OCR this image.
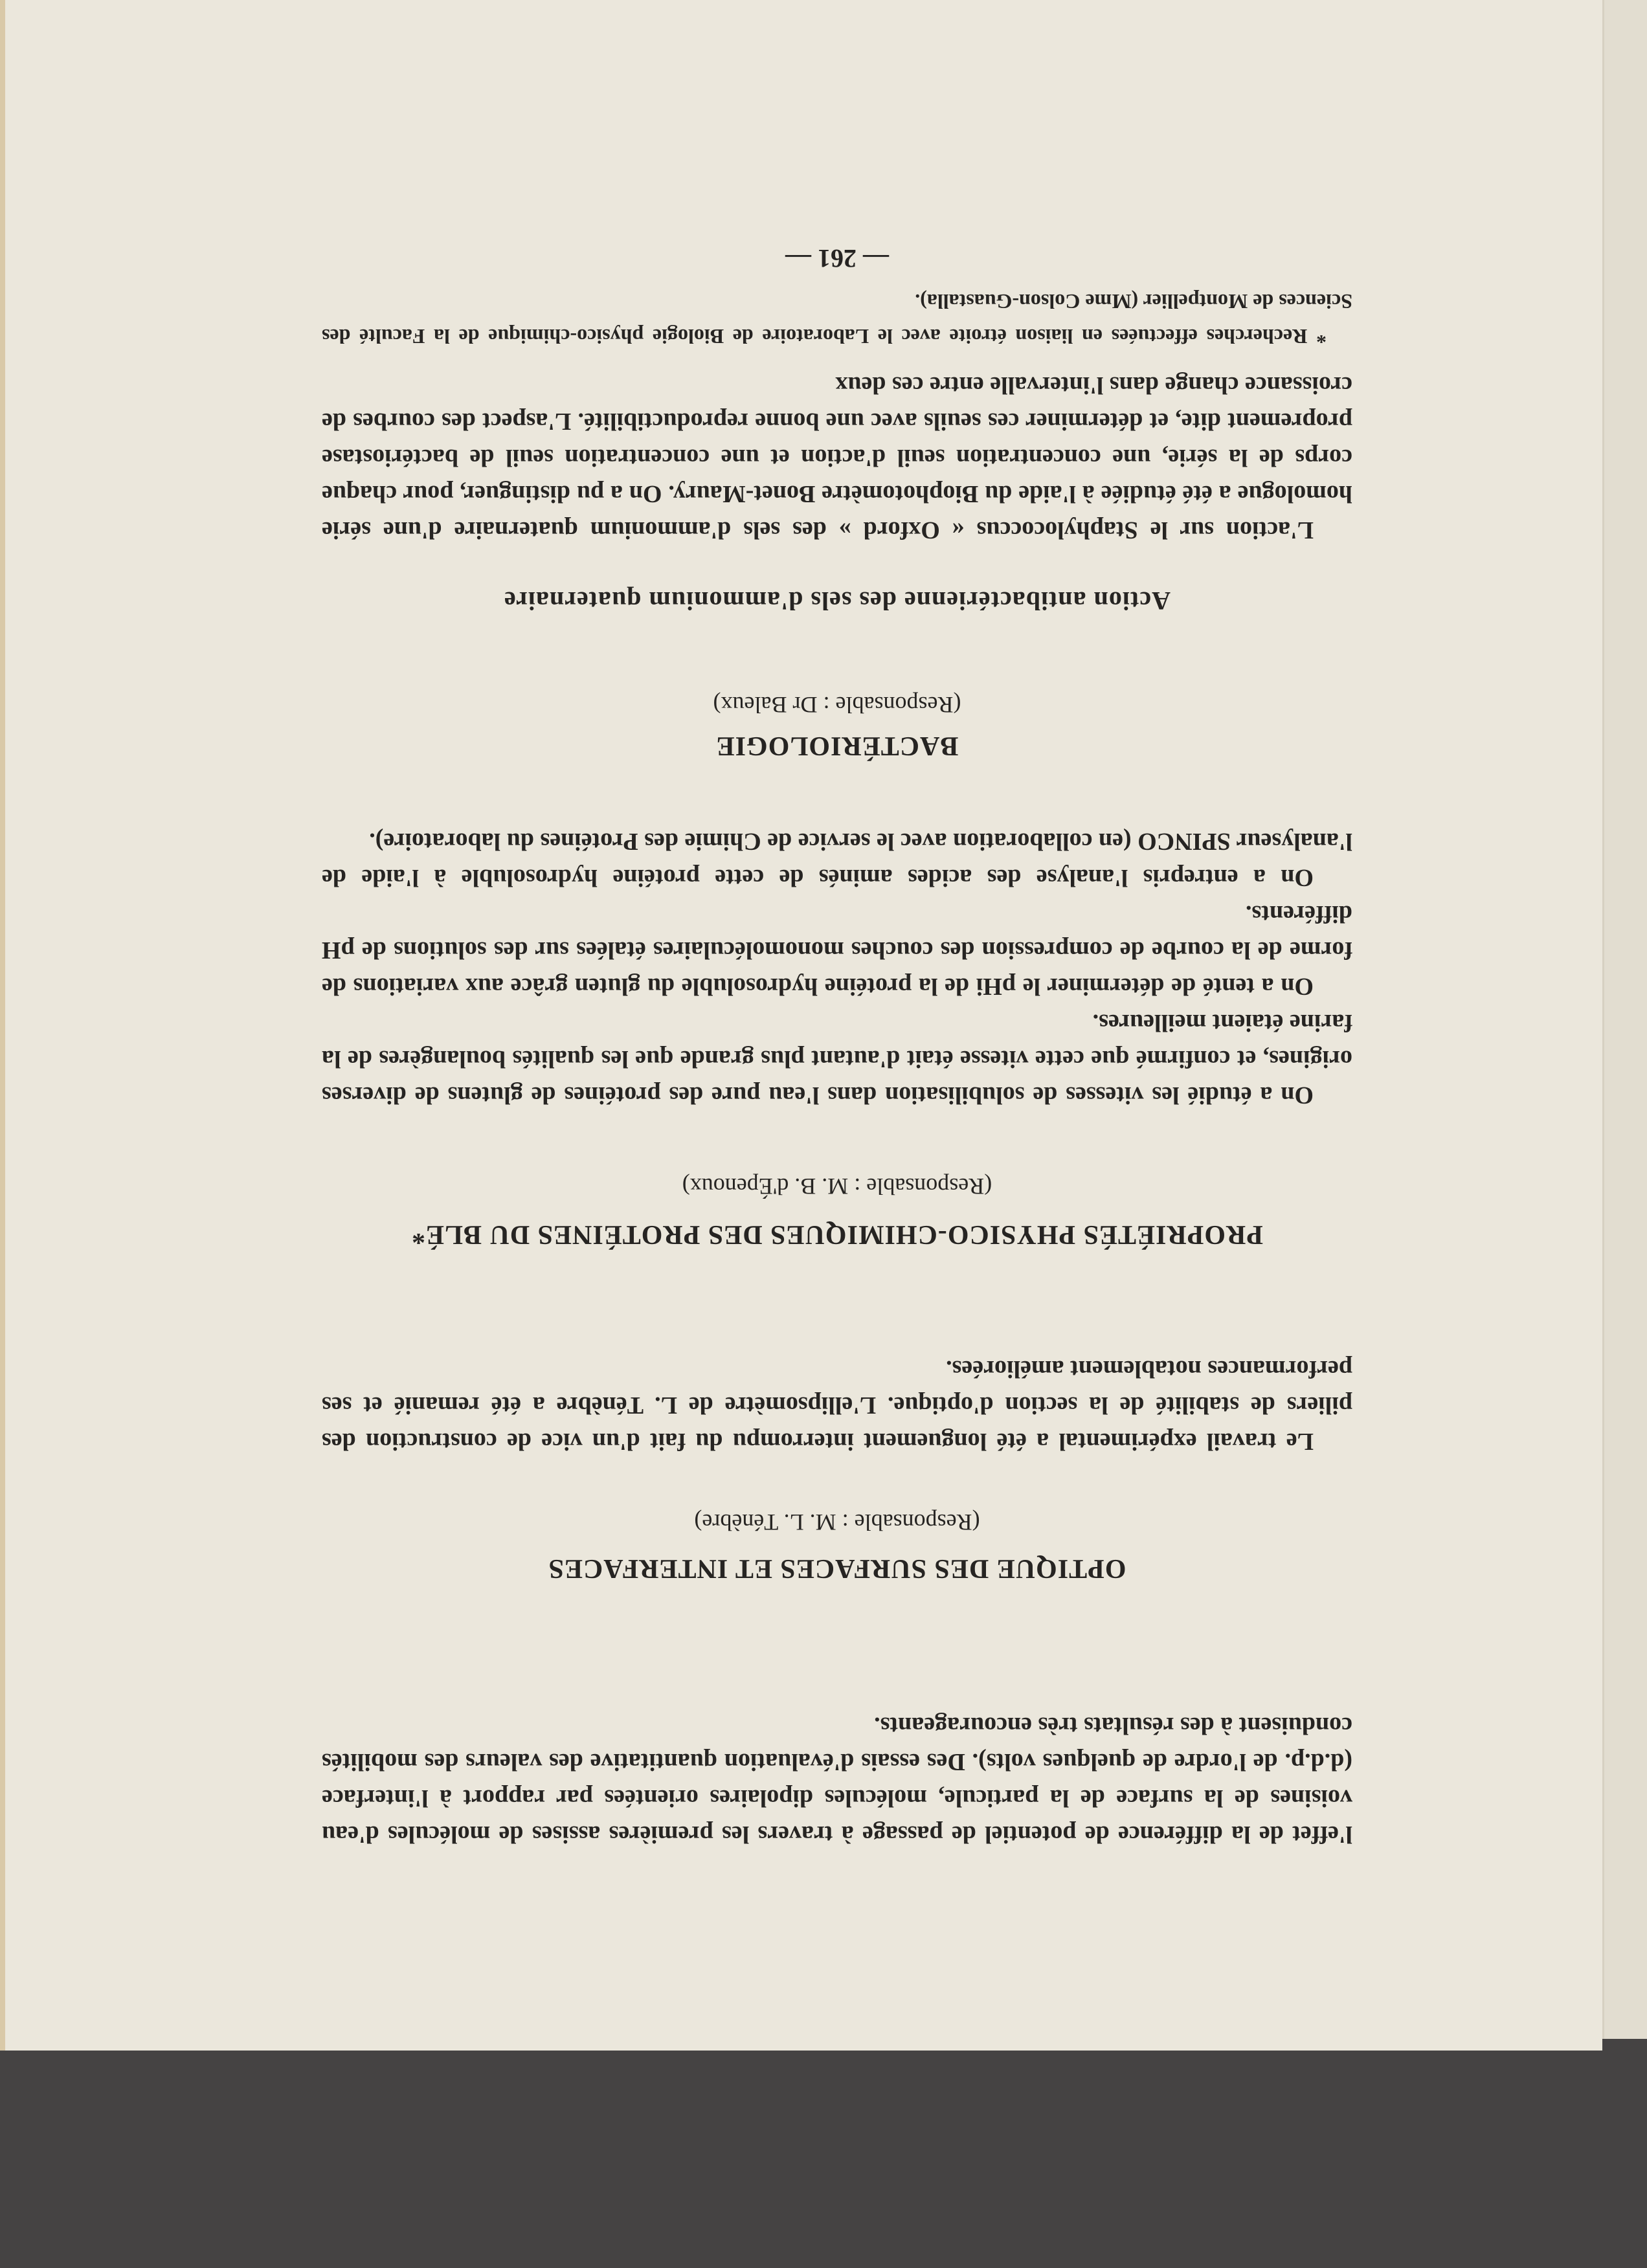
l'effet de la différence de potentiel de passage à travers les premières assises de molécules d'eau voisines de la surface de la particule, molécules dipolaires orientées par rapport à l'interface (d.d.p. de l'ordre de quelques volts). Des essais d'évaluation quantitative des valeurs des mobilités conduisent à des résultats très encourageants.
OPTIQUE DES SURFACES ET INTERFACES
(Responsable : M. L. Ténèbre)
Le travail expérimental a été longuement interrompu du fait d'un vice de construction des piliers de stabilité de la section d'optique. L'ellipsomètre de L. Ténèbre a été remanié et ses performances notablement améliorées.
PROPRIÉTÉS PHYSICO-CHIMIQUES DES PROTÉINES DU BLÉ*
(Responsable : M. B. d'Épenoux)
On a étudié les vitesses de solubilisation dans l'eau pure des protéines de glutens de diverses origines, et confirmé que cette vitesse était d'autant plus grande que les qualités boulangères de la farine étaient meilleures.
On a tenté de déterminer le pHi de la protéine hydrosoluble du gluten grâce aux variations de forme de la courbe de compression des couches monomoléculaires étalées sur des solutions de pH différents.
On a entrepris l'analyse des acides aminés de cette protéine hydrosoluble à l'aide de l'analyseur SPINCO (en collaboration avec le service de Chimie des Protéines du laboratoire).
BACTÉRIOLOGIE
(Responsable : Dr Baleux)
Action antibactérienne des sels d'ammonium quaternaire
L'action sur le Staphylococcus « Oxford » des sels d'ammonium quaternaire d'une série homologue a été étudiée à l'aide du Biophotomètre Bonet-Maury. On a pu distinguer, pour chaque corps de la série, une concentration seuil d'action et une concentration seuil de bactériostase proprement dite, et déterminer ces seuils avec une bonne reproductibilité. L'aspect des courbes de croissance change dans l'intervalle entre ces deux
* Recherches effectuées en liaison étroite avec le Laboratoire de Biologie physico-chimique de la Faculté des Sciences de Montpellier (Mme Colson-Guastalla).
— 261 —
